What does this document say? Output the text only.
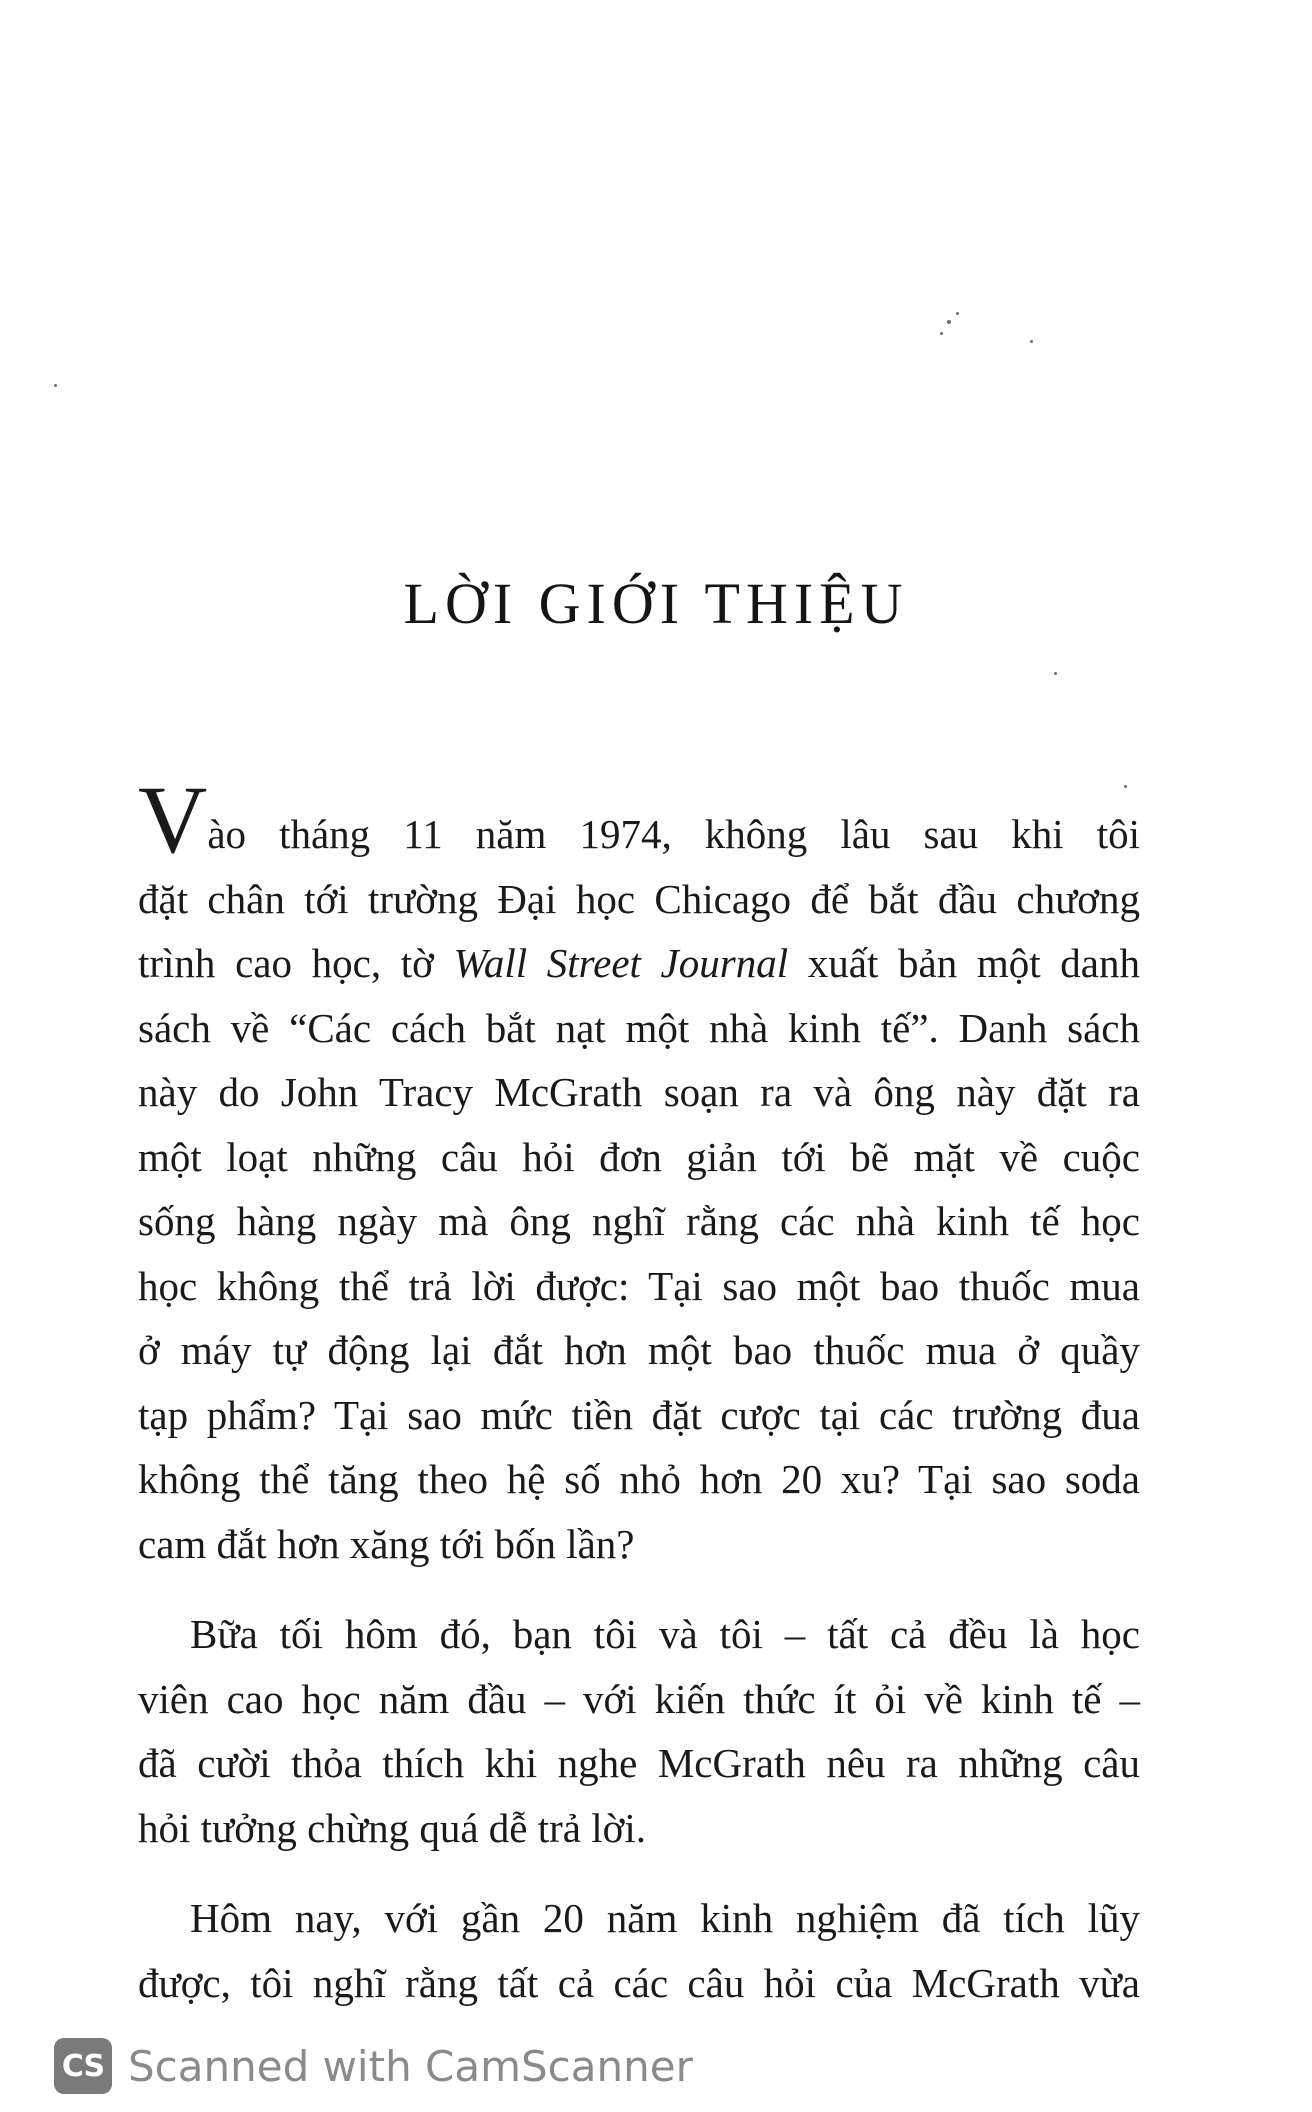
LỜI GIỚI THIỆU
Vào tháng 11 năm 1974, không lâu sau khi tôi
đặt chân tới trường Đại học Chicago để bắt đầu chương
trình cao học, tờ Wall Street Journal xuất bản một danh
sách về “Các cách bắt nạt một nhà kinh tế”. Danh sách
này do John Tracy McGrath soạn ra và ông này đặt ra
một loạt những câu hỏi đơn giản tới bẽ mặt về cuộc
sống hàng ngày mà ông nghĩ rằng các nhà kinh tế học
học không thể trả lời được: Tại sao một bao thuốc mua
ở máy tự động lại đắt hơn một bao thuốc mua ở quầy
tạp phẩm? Tại sao mức tiền đặt cược tại các trường đua
không thể tăng theo hệ số nhỏ hơn 20 xu? Tại sao soda
cam đắt hơn xăng tới bốn lần?
Bữa tối hôm đó, bạn tôi và tôi – tất cả đều là học
viên cao học năm đầu – với kiến thức ít ỏi về kinh tế –
đã cười thỏa thích khi nghe McGrath nêu ra những câu
hỏi tưởng chừng quá dễ trả lời.
Hôm nay, với gần 20 năm kinh nghiệm đã tích lũy
được, tôi nghĩ rằng tất cả các câu hỏi của McGrath vừa
CS Scanned with CamScanner
